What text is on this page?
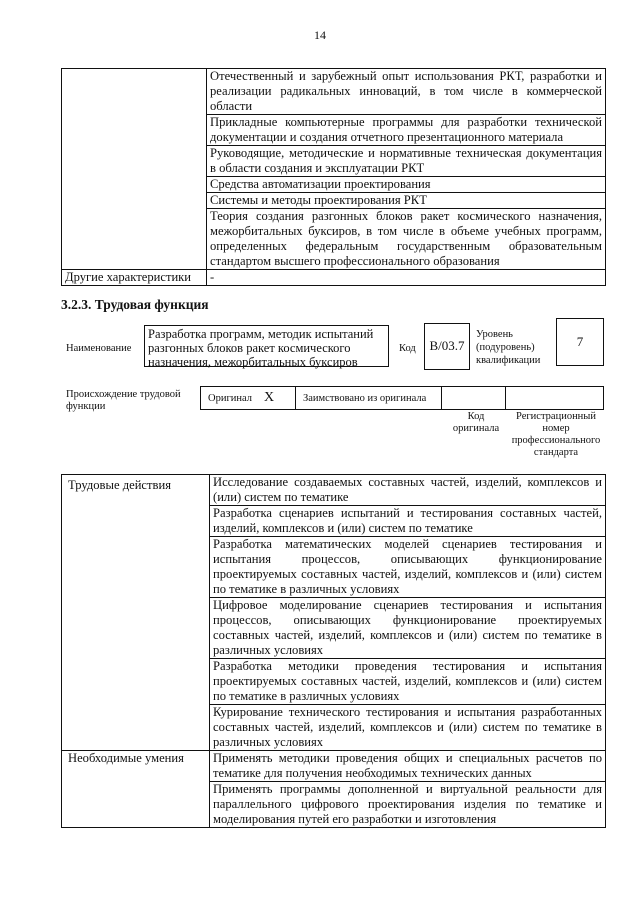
14
	Отечественный и зарубежный опыт использования РКТ, разработки и реализации радикальных инноваций, в том числе в коммерческой области
	Прикладные компьютерные программы для разработки технической документации и создания отчетного презентационного материала
	Руководящие, методические и нормативные техническая документация в области создания и эксплуатации РКТ
	Средства автоматизации проектирования
	Системы и методы проектирования РКТ
	Теория создания разгонных блоков ракет космического назначения, межорбитальных буксиров, в том числе в объеме учебных программ, определенных федеральным государственным образовательным стандартом высшего профессионального образования
Другие характеристики	-
3.2.3. Трудовая функция
Наименование
Разработка программ, методик испытаний разгонных блоков ракет космического назначения, межорбитальных буксиров
Код	B/03.7
Уровень (подуровень) квалификации
7
Происхождение трудовой функции
Оригинал X	Заимствовано из оригинала
Код оригинала
Регистрационный номер профессионального стандарта
Трудовые действия	Исследование создаваемых составных частей, изделий, комплексов и (или) систем по тематике
	Разработка сценариев испытаний и тестирования составных частей, изделий, комплексов и (или) систем по тематике
	Разработка математических моделей сценариев тестирования и испытания процессов, описывающих функционирование проектируемых составных частей, изделий, комплексов и (или) систем по тематике в различных условиях
	Цифровое моделирование сценариев тестирования и испытания процессов, описывающих функционирование проектируемых составных частей, изделий, комплексов и (или) систем по тематике в различных условиях
	Разработка методики проведения тестирования и испытания проектируемых составных частей, изделий, комплексов и (или) систем по тематике в различных условиях
	Курирование технического тестирования и испытания разработанных составных частей, изделий, комплексов и (или) систем по тематике в различных условиях
Необходимые умения	Применять методики проведения общих и специальных расчетов по тематике для получения необходимых технических данных
	Применять программы дополненной и виртуальной реальности для параллельного цифрового проектирования изделия по тематике и моделирования путей его разработки и изготовления
